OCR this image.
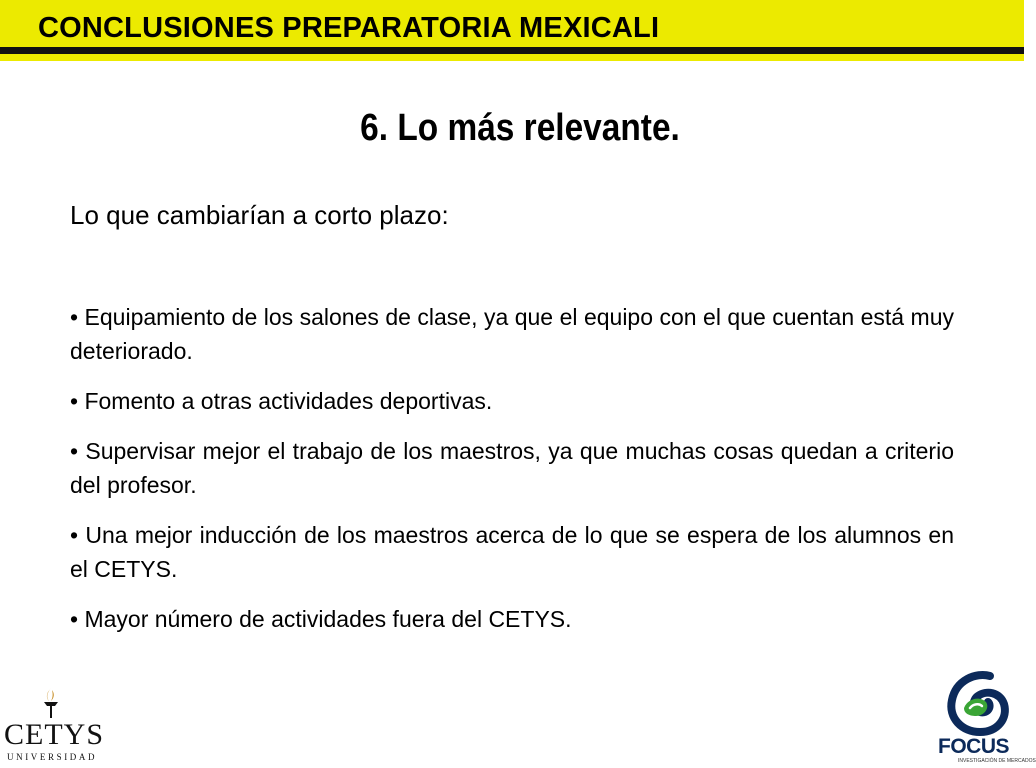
CONCLUSIONES PREPARATORIA MEXICALI
6. Lo más relevante.
Lo que cambiarían a corto plazo:
• Equipamiento de los salones de clase, ya que el equipo con el que cuentan está muy deteriorado.
• Fomento a otras actividades deportivas.
• Supervisar mejor el trabajo de los maestros, ya que muchas cosas quedan a criterio del profesor.
• Una mejor inducción de los maestros acerca de lo que se espera de los alumnos en el CETYS.
• Mayor número de actividades fuera del CETYS.
CETYS
UNIVERSIDAD	FOCUS
INVESTIGACIÓN DE MERCADOS
